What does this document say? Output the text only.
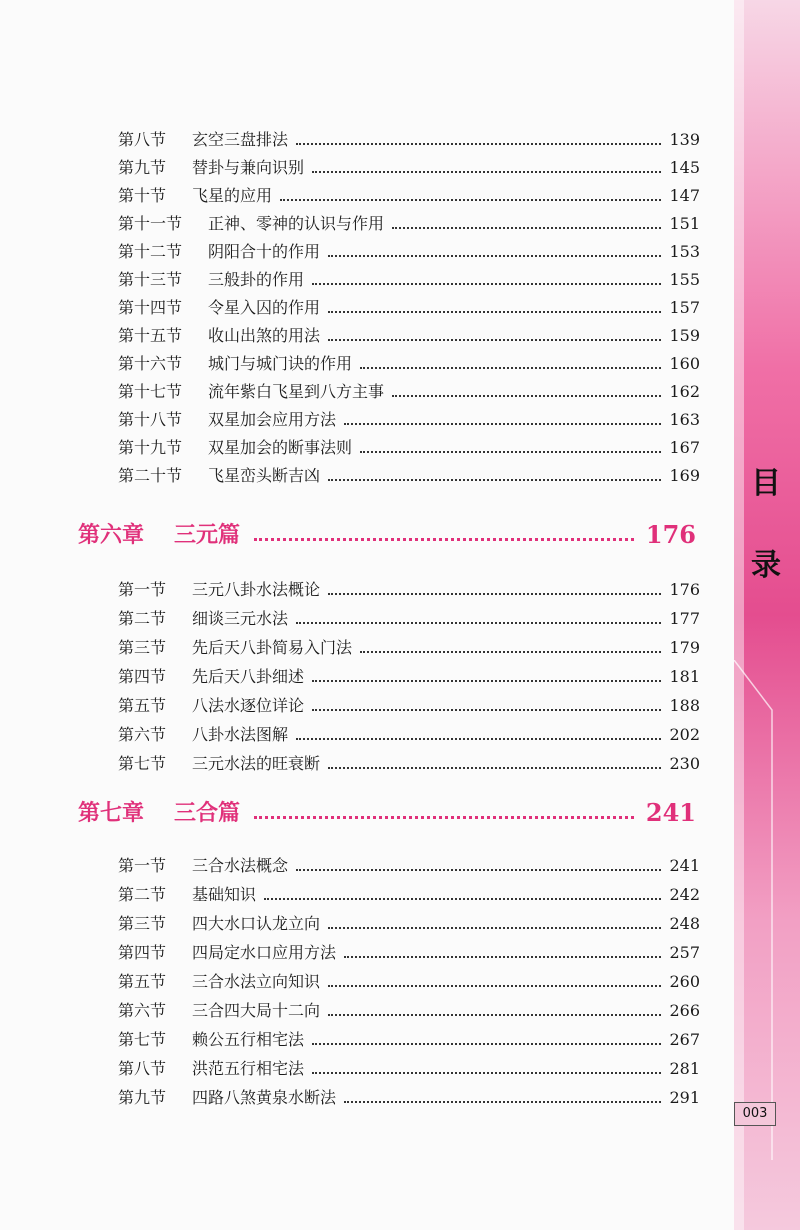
第八节 玄空三盘排法	139
第九节 替卦与兼向识别	145
第十节 飞星的应用	147
第十一节 正神、零神的认识与作用	151
第十二节 阴阳合十的作用	153
第十三节 三般卦的作用	155
第十四节 令星入囚的作用	157
第十五节 收山出煞的用法	159
第十六节 城门与城门诀的作用	160
第十七节 流年紫白飞星到八方主事	162
第十八节 双星加会应用方法	163
第十九节 双星加会的断事法则	167
第二十节 飞星峦头断吉凶	169
第六章 三元篇	176
第一节 三元八卦水法概论	176
第二节 细谈三元水法	177
第三节 先后天八卦简易入门法	179
第四节 先后天八卦细述	181
第五节 八法水逐位详论	188
第六节 八卦水法图解	202
第七节 三元水法的旺衰断	230
第七章 三合篇	241
第一节 三合水法概念	241
第二节 基础知识	242
第三节 四大水口认龙立向	248
第四节 四局定水口应用方法	257
第五节 三合水法立向知识	260
第六节 三合四大局十二向	266
第七节 赖公五行相宅法	267
第八节 洪范五行相宅法	281
第九节 四路八煞黄泉水断法	291
目
录
003
